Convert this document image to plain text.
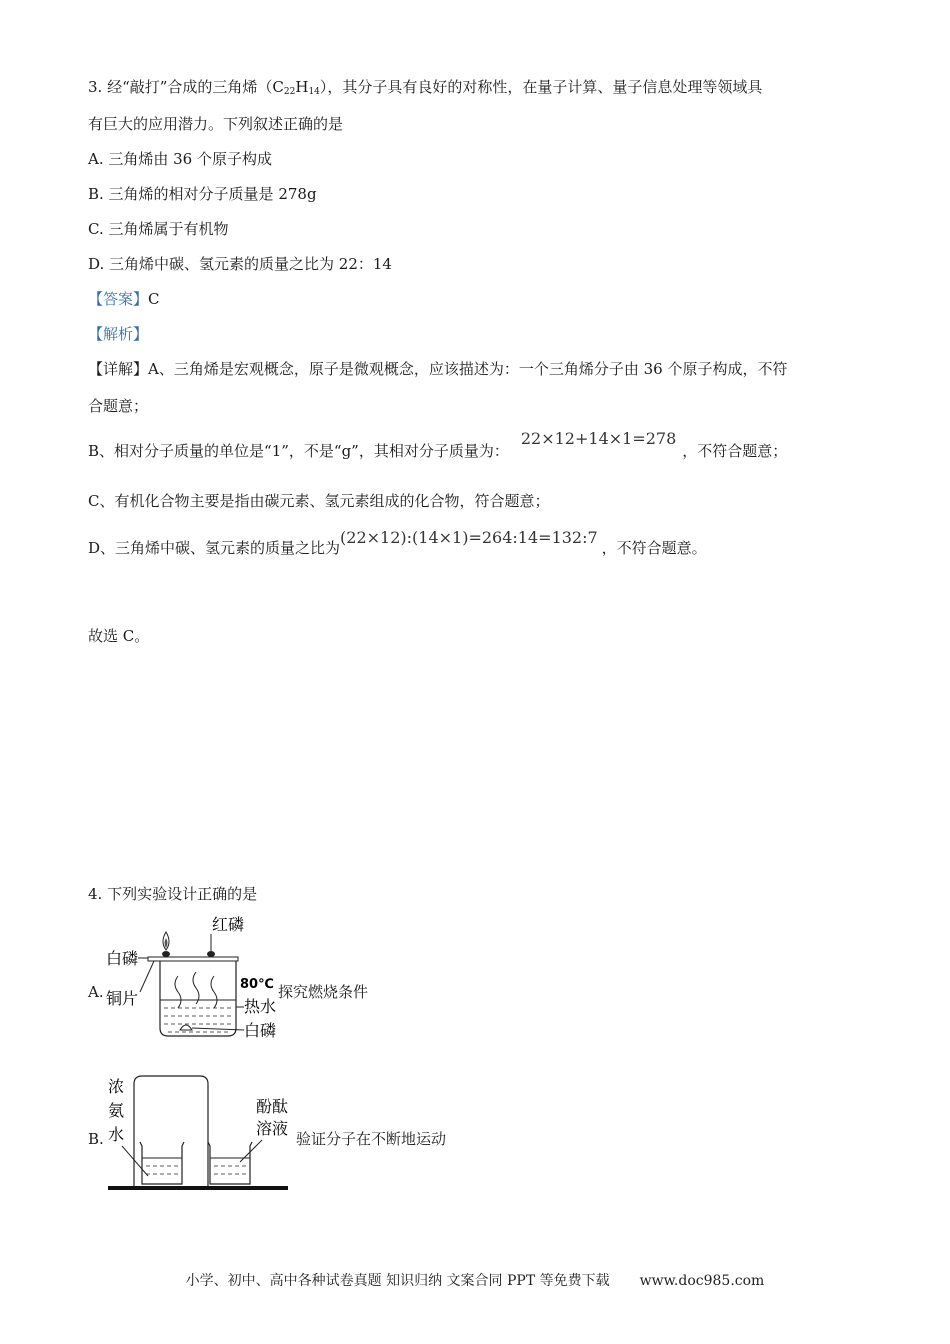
3. 经“敲打”合成的三角烯$(C_{22}H_{14})$，其分子具有良好的对称性，在量子计算、量子信息处理等领域具
有巨大的应用潜力。下列叙述正确的是
A. 三角烯由 36 个原子构成
B. 三角烯的相对分子质量是 278g
C. 三角烯属于有机物
D. 三角烯中碳、氢元素的质量之比为 22：14
【答案】C
【解析】
【详解】A、三角烯是宏观概念，原子是微观概念，应该描述为：一个三角烯分子由 36 个原子构成，不符
合题意；
B、相对分子质量的单位是“1”，不是“g”，其相对分子质量为：22×12+14×1=278，不符合题意；
C、有机化合物主要是指由碳元素、氢元素组成的化合物，符合题意；
D、三角烯中碳、氢元素的质量之比为(22×12):(14×1)=264:14=132:7，不符合题意。
故选 C。
4. 下列实验设计正确的是
A.
红磷
白磷
铜片
80℃
热水
白磷
探究燃烧条件
B.
浓
氨
水
酚酞
溶液
验证分子在不断地运动
小学、初中、高中各种试卷真题 知识归纳 文案合同 PPT 等免费下载 www.doc985.com
